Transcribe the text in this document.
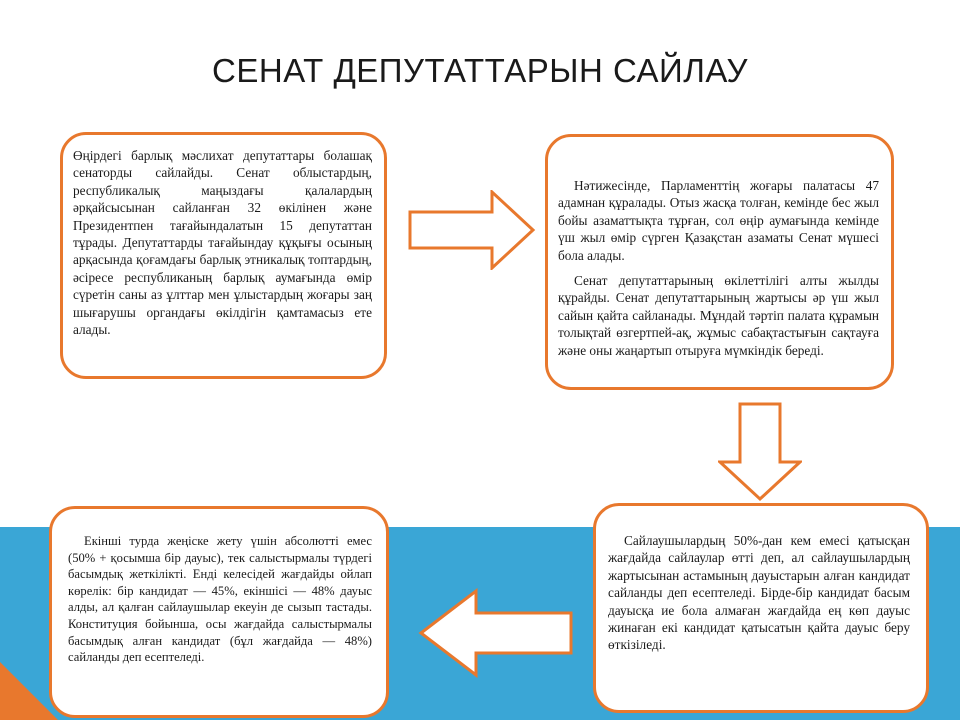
СЕНАТ ДЕПУТАТТАРЫН САЙЛАУ

Өңірдегі барлық мәслихат депутаттары болашақ сенаторды сайлайды. Сенат облыстардың, республикалық маңыздағы қалалардың әрқайсысынан сайланған 32 өкілінен және Президентпен тағайындалатын 15 депутаттан тұрады. Депутаттарды тағайындау құқығы осының арқасында қоғамдағы барлық этникалық топтардың, әсіресе республиканың барлық аумағында өмір сүретін саны аз ұлттар мен ұлыстардың жоғары заң шығарушы органдағы өкілдігін қамтамасыз ете алады.

Нәтижесінде, Парламенттің жоғары палатасы 47 адамнан құралады. Отыз жасқа толған, кемінде бес жыл бойы азаматтықта тұрған, сол өңір аумағында кемінде үш жыл өмір сүрген Қазақстан азаматы Сенат мүшесі бола алады.

Сенат депутаттарының өкілеттілігі алты жылды құрайды. Сенат депутаттарының жартысы әр үш жыл сайын қайта сайланады. Мұндай тәртіп палата құрамын толықтай өзгертпей-ақ, жұмыс сабақтастығын сақтауға және оны жаңартып отыруға мүмкіндік береді.

Сайлаушылардың 50%-дан кем емесі қатысқан жағдайда сайлаулар өтті деп, ал сайлаушылардың жартысынан астамының дауыстарын алған кандидат сайланды деп есептеледі. Бірде-бір кандидат басым дауысқа ие бола алмаған жағдайда ең көп дауыс жинаған екі кандидат қатысатын қайта дауыс беру өткізіледі.

Екінші турда жеңіске жету үшін абсолютті емес (50% + қосымша бір дауыс), тек салыстырмалы түрдегі басымдық жеткілікті. Енді келесідей жағдайды ойлап көрелік: бір кандидат — 45%, екіншісі — 48% дауыс алды, ал қалған сайлаушылар екеуін де сызып тастады. Конституция бойынша, осы жағдайда салыстырмалы басымдық алған кандидат (бұл жағдайда — 48%) сайланды деп есептеледі.
